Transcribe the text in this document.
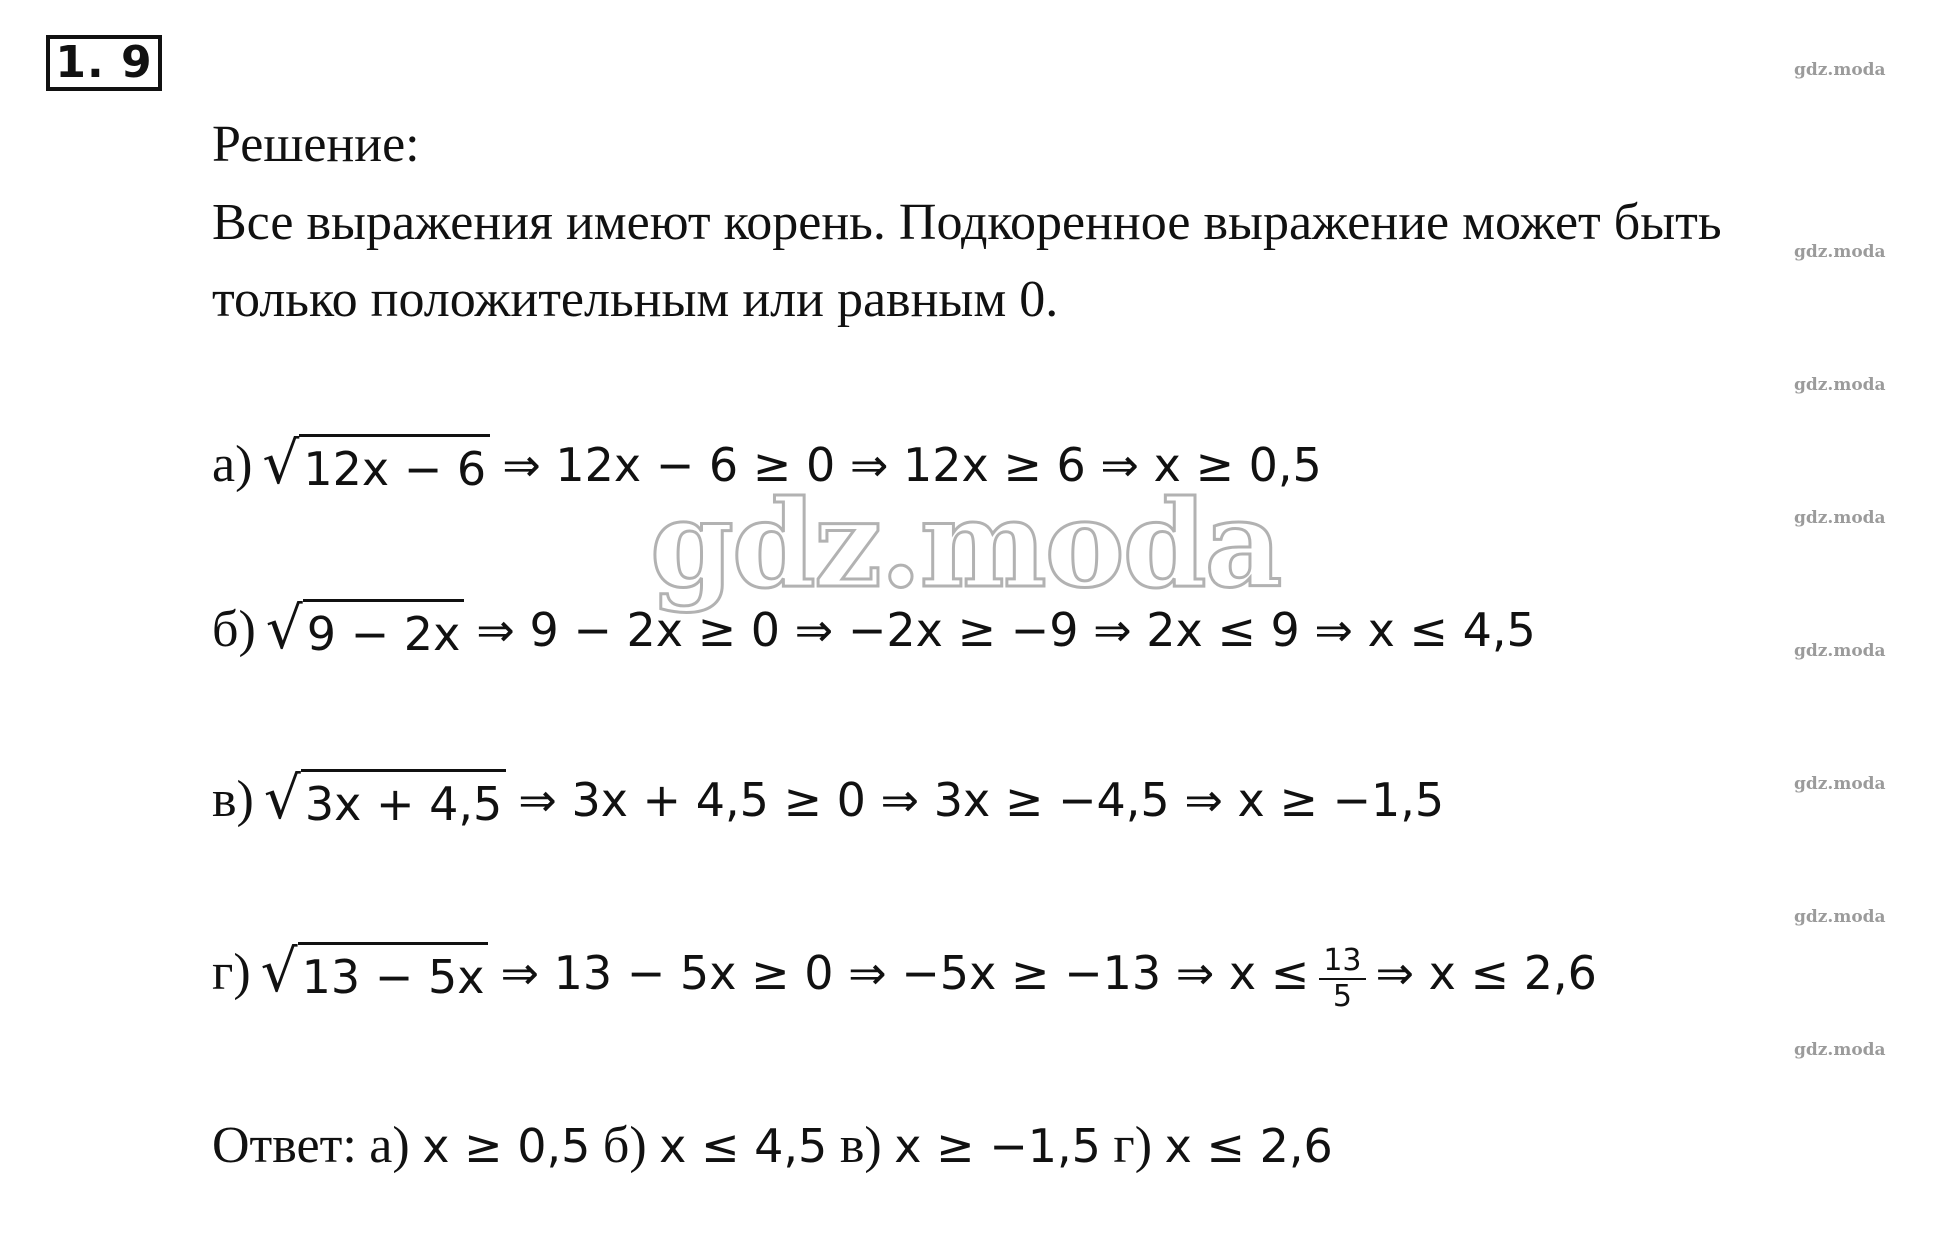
1. 9	gdz.moda
gdz.moda
gdz.moda
gdz.moda
gdz.moda
gdz.moda
gdz.moda
gdz.moda
Решение:
Все выражения имеют корень. Подкоренное выражение может быть
только положительным или равным 0.
а) √ 12x − 6 ⇒ 12x − 6 ≥ 0 ⇒ 12x ≥ 6 ⇒ x ≥ 0,5
б) √ 9 − 2x ⇒ 9 − 2x ≥ 0 ⇒ −2x ≥ −9 ⇒ 2x ≤ 9 ⇒ x ≤ 4,5
в) √ 3x + 4,5 ⇒ 3x + 4,5 ≥ 0 ⇒ 3x ≥ −4,5 ⇒ x ≥ −1,5
г) √ 13 − 5x ⇒ 13 − 5x ≥ 0 ⇒ −5x ≥ −13 ⇒ $x \le \frac{13}{5}$ ⇒ x ≤ 2,6
Ответ: а) x ≥ 0,5 б) x ≤ 4,5 в) x ≥ −1,5 г) x ≤ 2,6
gdz.moda
